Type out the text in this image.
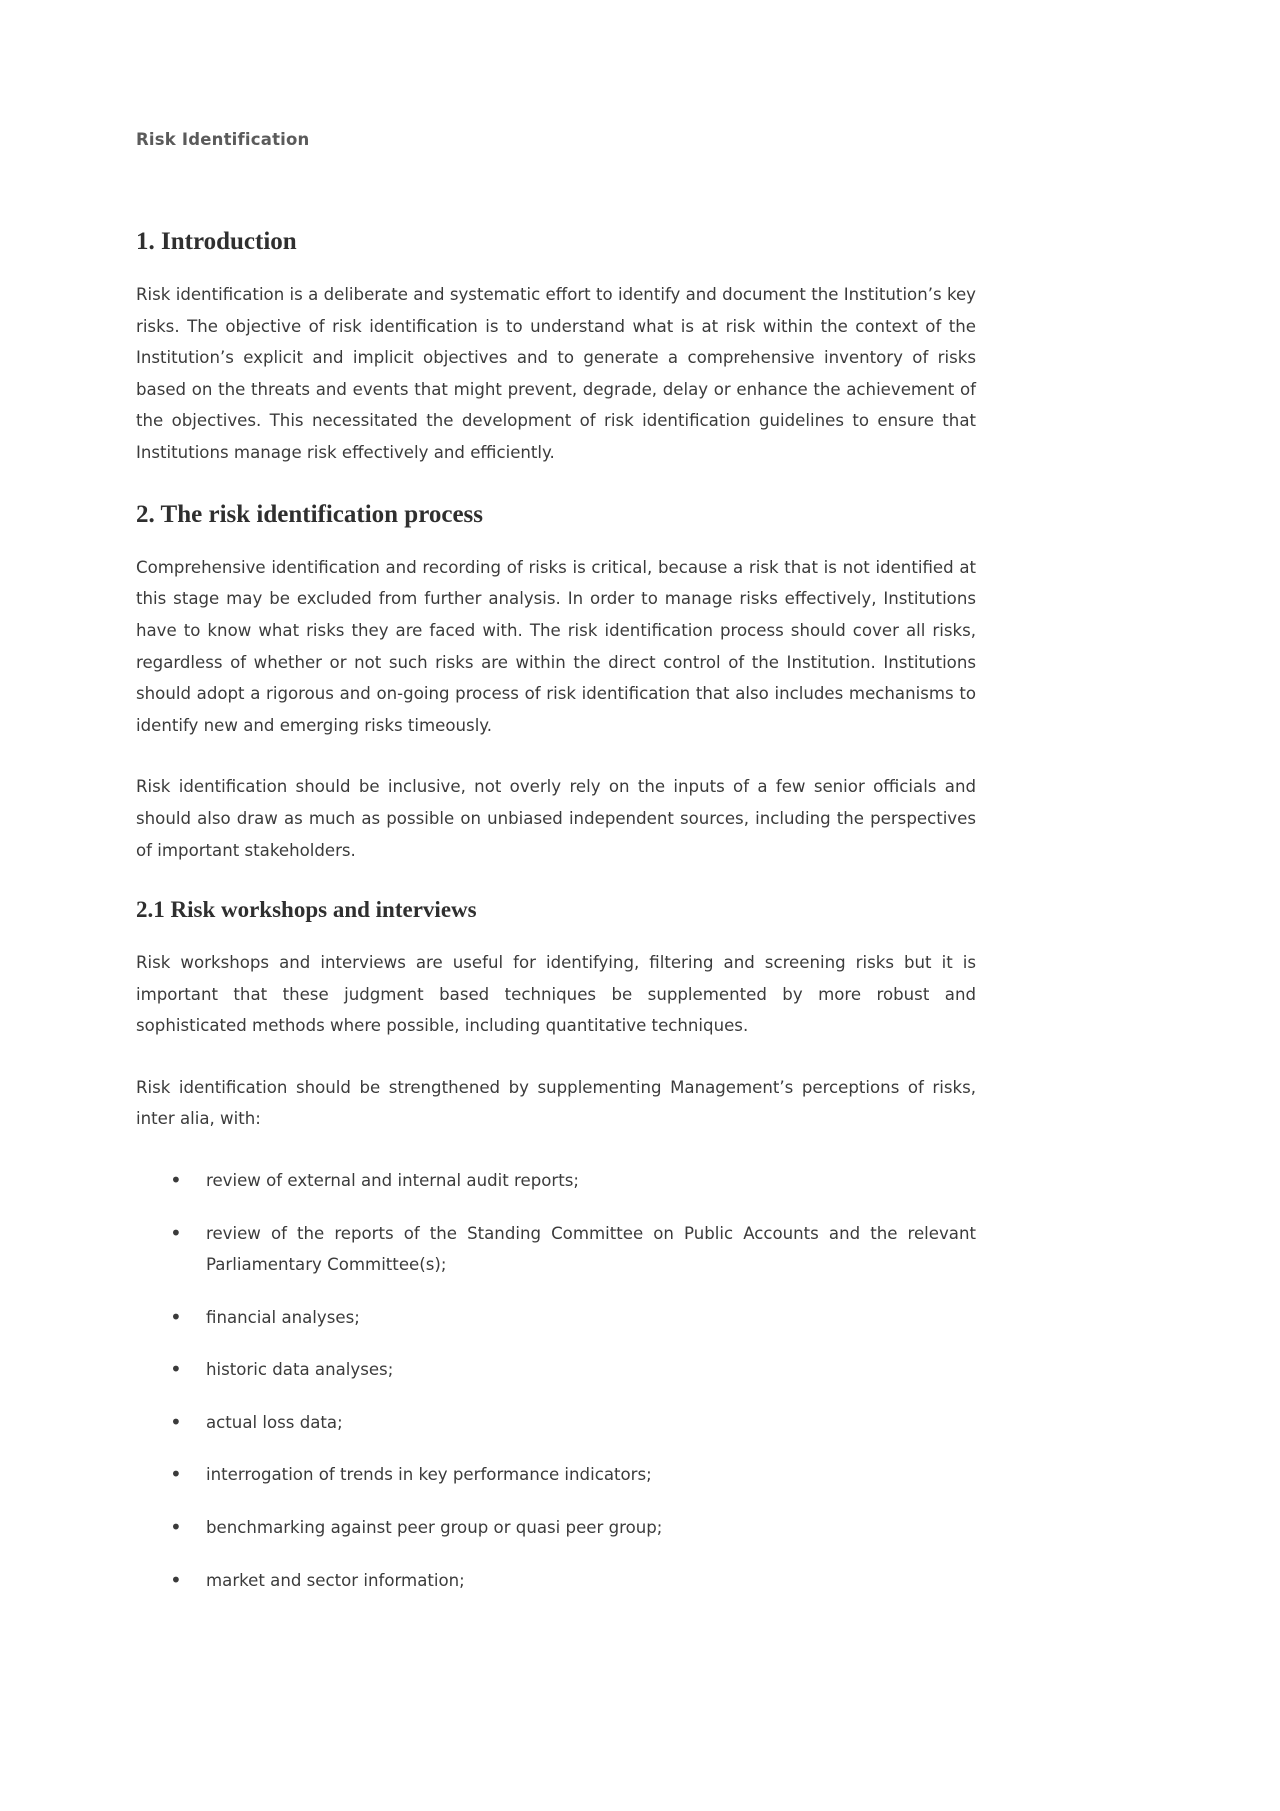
Risk Identification
1. Introduction

Risk identification is a deliberate and systematic effort to identify and document the Institution’s key risks. The objective of risk identification is to understand what is at risk within the context of the Institution’s explicit and implicit objectives and to generate a comprehensive inventory of risks based on the threats and events that might prevent, degrade, delay or enhance the achievement of the objectives. This necessitated the development of risk identification guidelines to ensure that Institutions manage risk effectively and efficiently.

2. The risk identification process

Comprehensive identification and recording of risks is critical, because a risk that is not identified at this stage may be excluded from further analysis. In order to manage risks effectively, Institutions have to know what risks they are faced with. The risk identification process should cover all risks, regardless of whether or not such risks are within the direct control of the Institution. Institutions should adopt a rigorous and on-going process of risk identification that also includes mechanisms to identify new and emerging risks timeously.

Risk identification should be inclusive, not overly rely on the inputs of a few senior officials and should also draw as much as possible on unbiased independent sources, including the perspectives of important stakeholders.

2.1 Risk workshops and interviews

Risk workshops and interviews are useful for identifying, filtering and screening risks but it is important that these judgment based techniques be supplemented by more robust and sophisticated methods where possible, including quantitative techniques.

Risk identification should be strengthened by supplementing Management’s perceptions of risks, inter alia, with:

• review of external and internal audit reports;
• review of the reports of the Standing Committee on Public Accounts and the relevant Parliamentary Committee(s);
• financial analyses;
• historic data analyses;
• actual loss data;
• interrogation of trends in key performance indicators;
• benchmarking against peer group or quasi peer group;
• market and sector information;
